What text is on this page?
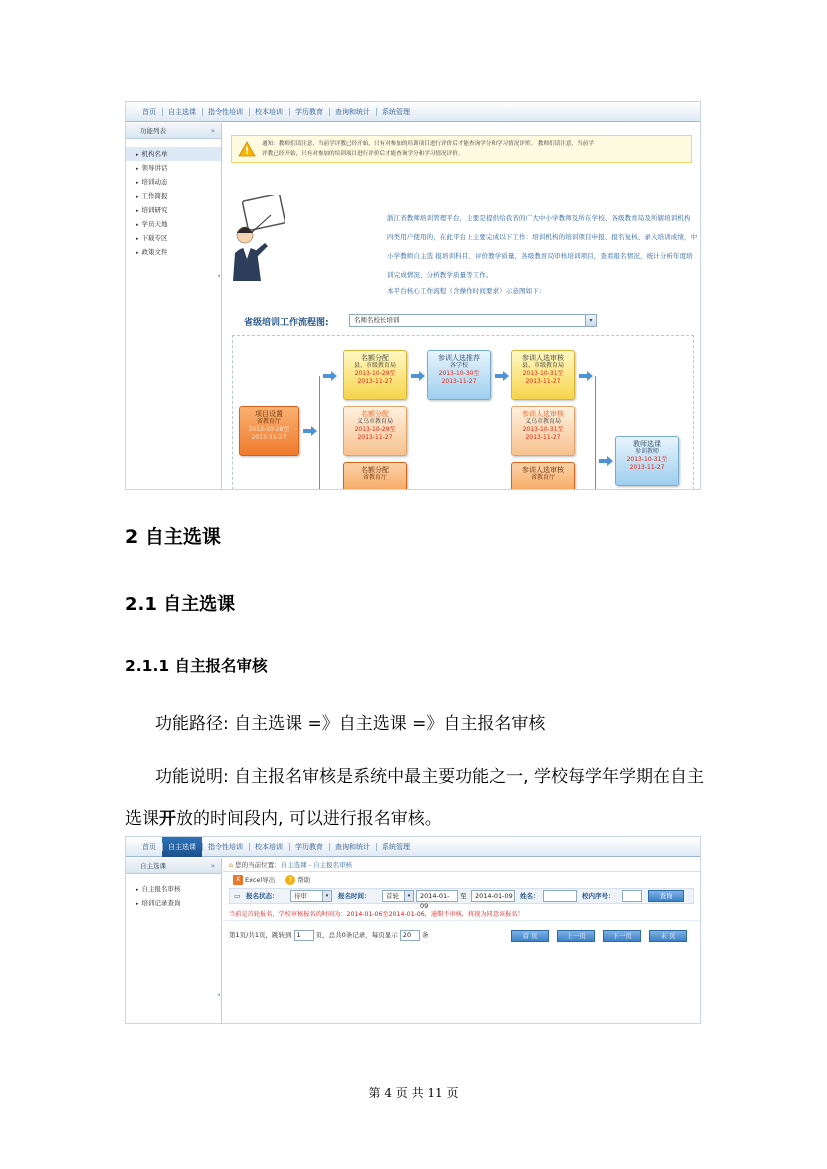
首页	自主选课	指令性培训	校本培训	学历教育	查询和统计	系统管理
功能列表	»
▸ 机构名单
▸ 领导讲话
▸ 培训动态
▸ 工作简报
▸ 培训研究
▸ 学员天地
▸ 下载专区
▸ 政策文件
◂
通知：教师们请注意，当前学评教已经开始，只有对参加的培训项目进行评价后才能查询学分和学习情况评价。 教师们请注意，当前学
评教已经开始，只有对参加的培训项目进行评价后才能查询学分和学习情况评价。

浙江省教师培训管理平台，主要是提供给我省的广大中小学教师及所在学校、各级教育局及所辖培训机构

四类用户使用的，在此平台上主要完成以下工作：培训机构的培训项目申报、报名复核、录入培训成绩，中

小学教师自主选 报培训科目、评价教学质量，各级教育局审核培训项目，查看报名情况，统计分析年度培

训完成情况、分析教学质量等工作。

本平台核心工作流程（含操作时间要求）示意图如下：

省级培训工作流程图:	名师名校长培训	▾
项目设置
省教育厅
2013-10-28至
2013-11-27
名额分配
县、市级教育局
2013-10-29至
2013-11-27
名额分配
义乌市教育局
2013-10-29至
2013-11-27
名额分配
省教育厅
参训人选推荐
各学校
2013-10-30至
2013-11-27
参训人选审核
县、市级教育局
2013-10-31至
2013-11-27
参训人选审核
义乌市教育局
2013-10-31至
2013-11-27
参训人选审核
省教育厅
教师选课
参训教师
2013-10-31至
2013-11-27
2 自主选课
2.1 自主选课
2.1.1 自主报名审核
功能路径: 自主选课 =》自主选课 =》自主报名审核
功能说明: 自主报名审核是系统中最主要功能之一, 学校每学年学期在自主选课开放的时间段内, 可以进行报名审核。
首页	自主选课	指令性培训	校本培训	学历教育	查询和统计	系统管理
自主选课	»
▸ 自主报名审核
▸ 培训记录查询
◂
⌂ 您的当前位置：自主选课 - 自主报名审核
X Excel导出 ? 帮助
▭ 报名状态：	待审	▾	报名时间：	首轮	▾	2014-01-09
至	2014-01-09	姓名：	校内序号：	查询
当前是首轮报名，学校审核报名的时间为：2014-01-06至2014-01-06，逾期不审核，将视为同意该报名！
第1页/共1页，跳转到 1 页，总共0条记录，每页显示 20 条	首 页	上一页	下一页	末 页
第 4 页 共 11 页
